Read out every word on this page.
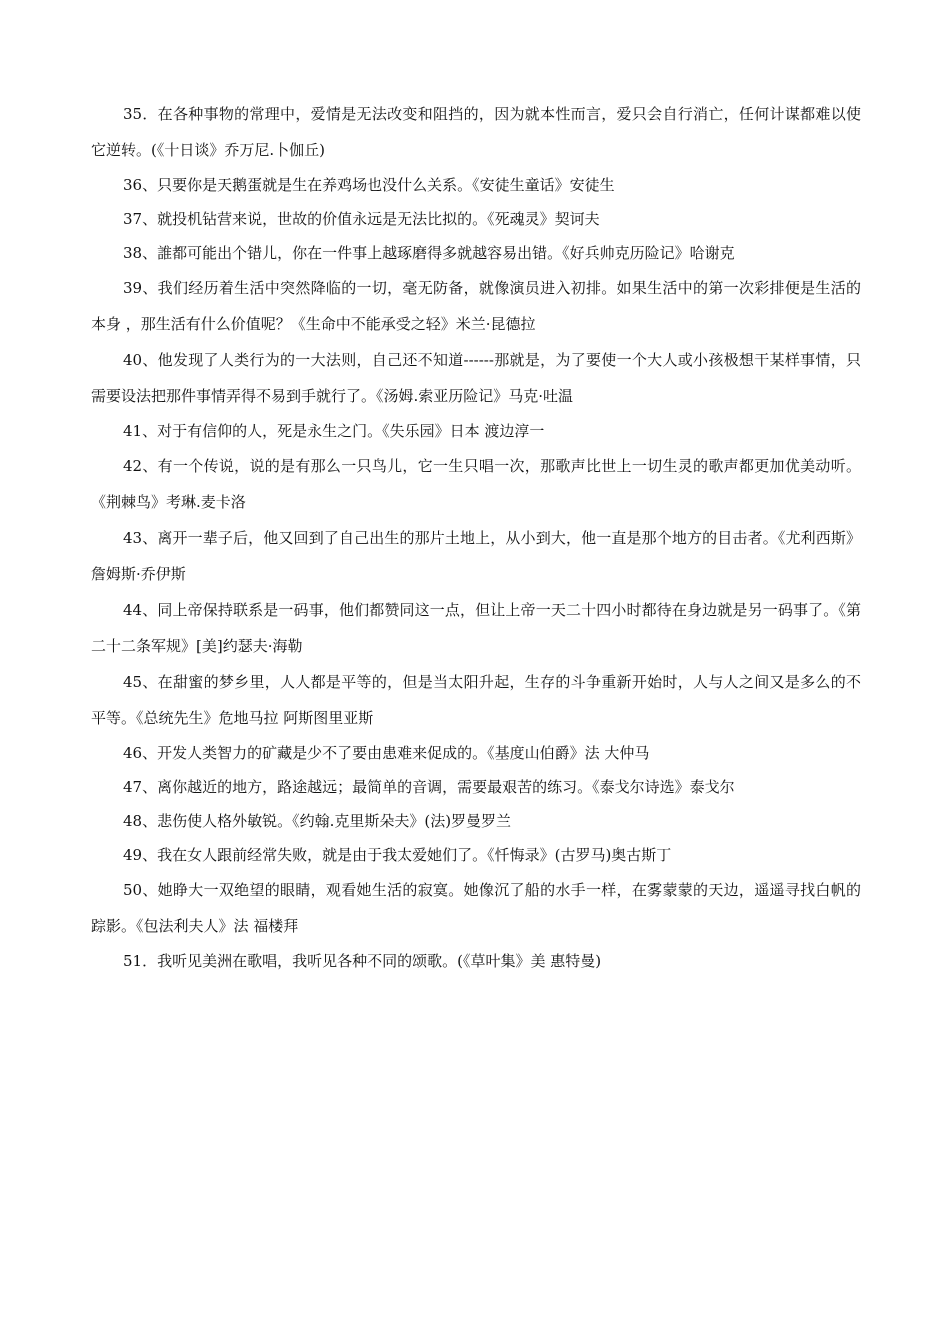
35．在各种事物的常理中，爱情是无法改变和阻挡的，因为就本性而言，爱只会自行消亡，任何计谋都难以使它逆转。(《十日谈》乔万尼.卜伽丘)

36、只要你是天鹅蛋就是生在养鸡场也没什么关系。《安徒生童话》安徒生

37、就投机钻营来说，世故的价值永远是无法比拟的。《死魂灵》契诃夫

38、誰都可能出个错儿，你在一件事上越琢磨得多就越容易出错。《好兵帅克历险记》哈谢克

39、我们经历着生活中突然降临的一切，毫无防备，就像演员进入初排。如果生活中的第一次彩排便是生活的本身 ，那生活有什么价值呢？《生命中不能承受之轻》米兰·昆德拉

40、他发现了人类行为的一大法则，自己还不知道------那就是，为了要使一个大人或小孩极想干某样事情，只需要设法把那件事情弄得不易到手就行了。《汤姆.索亚历险记》马克·吐温

41、对于有信仰的人，死是永生之门。《失乐园》日本 渡边淳一

42、有一个传说，说的是有那么一只鸟儿，它一生只唱一次，那歌声比世上一切生灵的歌声都更加优美动听。《荆棘鸟》考琳.麦卡洛

43、离开一辈子后，他又回到了自己出生的那片土地上，从小到大，他一直是那个地方的目击者。《尤利西斯》詹姆斯·乔伊斯

44、同上帝保持联系是一码事，他们都赞同这一点，但让上帝一天二十四小时都待在身边就是另一码事了。《第二十二条军规》[美]约瑟夫·海勒

45、在甜蜜的梦乡里，人人都是平等的，但是当太阳升起，生存的斗争重新开始时，人与人之间又是多么的不平等。《总统先生》危地马拉 阿斯图里亚斯

46、开发人类智力的矿藏是少不了要由患难来促成的。《基度山伯爵》法 大仲马

47、离你越近的地方，路途越远；最简单的音调，需要最艰苦的练习。《泰戈尔诗选》泰戈尔

48、悲伤使人格外敏锐。《约翰.克里斯朵夫》(法)罗曼罗兰

49、我在女人跟前经常失败，就是由于我太爱她们了。《忏悔录》(古罗马)奥古斯丁

50、她睁大一双绝望的眼睛，观看她生活的寂寞。她像沉了船的水手一样，在雾蒙蒙的天边，遥遥寻找白帆的踪影。《包法利夫人》法 福楼拜

51．我听见美洲在歌唱，我听见各种不同的颂歌。(《草叶集》美 惠特曼)
